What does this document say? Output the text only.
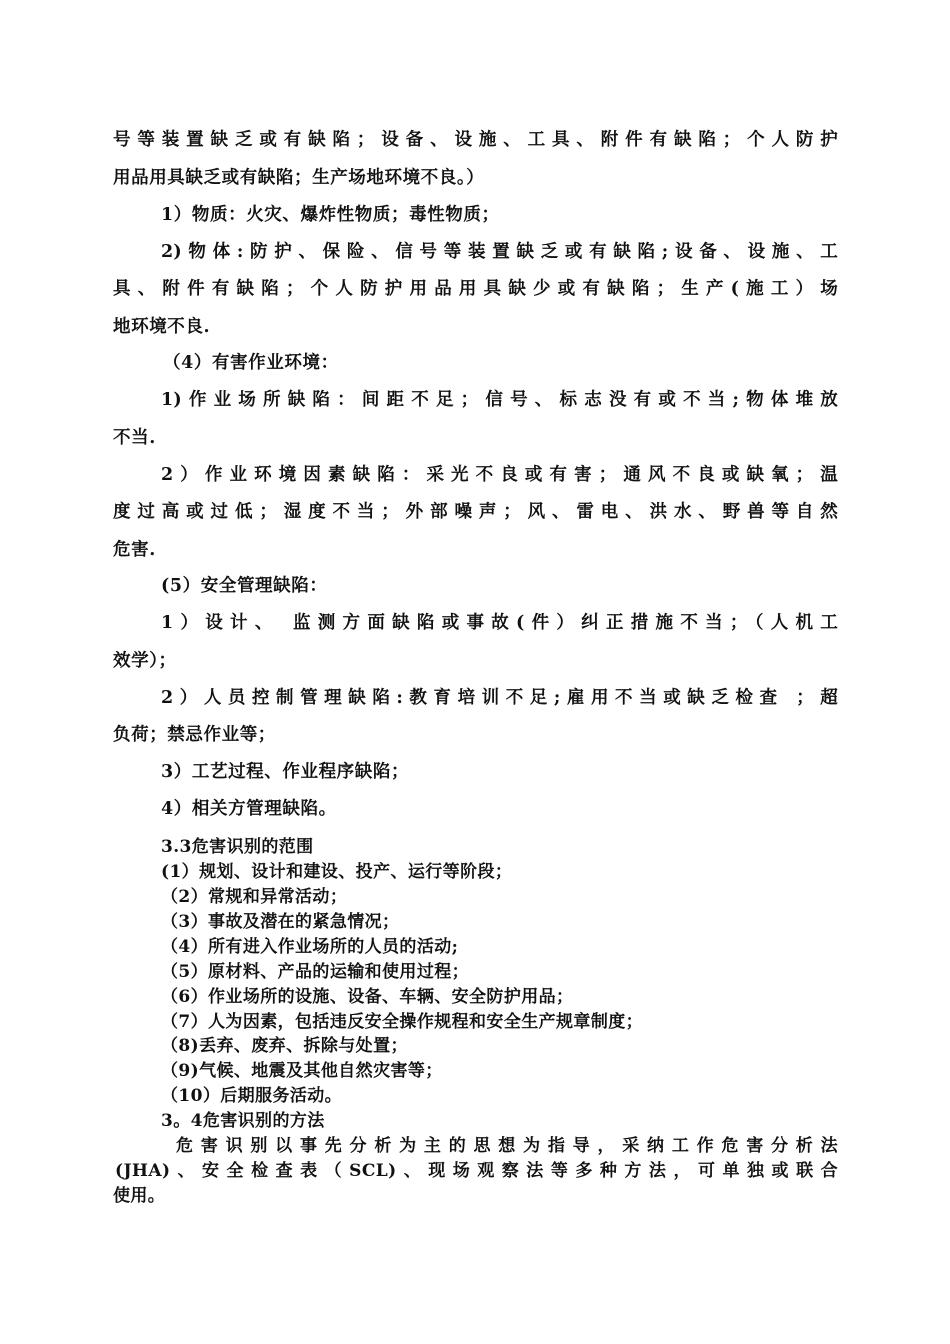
号等装置缺乏或有缺陷；设备、设施、工具、附件有缺陷；个人防护

用品用具缺乏或有缺陷；生产场地环境不良。）

1）物质：火灾、爆炸性物质；毒性物质；

2)物体:防护、保险、信号等装置缺乏或有缺陷;设备、设施、工

具、附件有缺陷；个人防护用品用具缺少或有缺陷；生产(施工）场

地环境不良.

（4）有害作业环境：

1)作业场所缺陷：间距不足；信号、标志没有或不当;物体堆放

不当.

2）作业环境因素缺陷：采光不良或有害；通风不良或缺氧；温

度过高或过低；湿度不当；外部噪声；风、雷电、洪水、野兽等自然

危害.

(5）安全管理缺陷：

1）设计、 监测方面缺陷或事故(件）纠正措施不当；（人机工

效学）；

2）人员控制管理缺陷:教育培训不足;雇用不当或缺乏检查 ；超

负荷；禁忌作业等；

3）工艺过程、作业程序缺陷；

4）相关方管理缺陷。

3.3危害识别的范围

(1）规划、设计和建设、投产、运行等阶段；

（2）常规和异常活动；

（3）事故及潜在的紧急情况；

（4）所有进入作业场所的人员的活动;

（5）原材料、产品的运输和使用过程；

（6）作业场所的设施、设备、车辆、安全防护用品；

（7）人为因素，包括违反安全操作规程和安全生产规章制度；

（8)丢弃、废弃、拆除与处置；

（9)气候、地震及其他自然灾害等；

（10）后期服务活动。

3。4危害识别的方法

危害识别以事先分析为主的思想为指导，采纳工作危害分析法

(JHA)、安全检查表（SCL)、现场观察法等多种方法，可单独或联合

使用。
